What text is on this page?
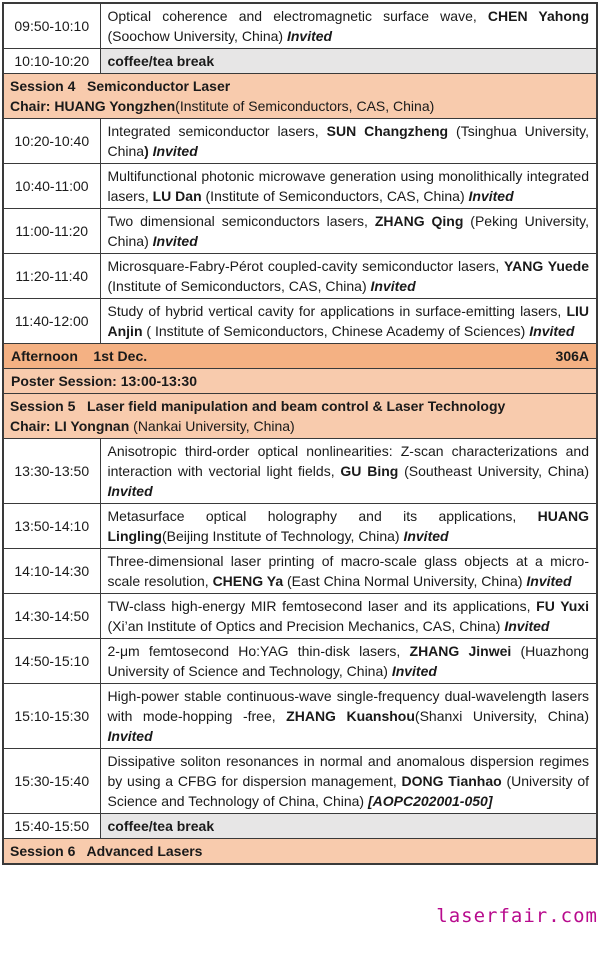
09:50-10:10	Optical coherence and electromagnetic surface wave, CHEN Yahong (Soochow University, China) Invited
10:10-10:20	coffee/tea break

Session 4   Semiconductor Laser
Chair: HUANG Yongzhen(Institute of Semiconductors, CAS, China)	

10:20-10:40	Integrated semiconductor lasers, SUN Changzheng (Tsinghua University, China) Invited
10:40-11:00	Multifunctional photonic microwave generation using monolithically integrated lasers, LU Dan (Institute of Semiconductors, CAS, China) Invited
11:00-11:20	Two dimensional semiconductors lasers, ZHANG Qing (Peking University, China) Invited
11:20-11:40	Microsquare-Fabry-Pérot coupled-cavity semiconductor lasers, YANG Yuede (Institute of Semiconductors, CAS, China) Invited
11:40-12:00	Study of hybrid vertical cavity for applications in surface-emitting lasers, LIU Anjin ( Institute of Semiconductors, Chinese Academy of Sciences) Invited

Afternoon    1st Dec. 306A	

Poster Session: 13:00-13:30	

Session 5   Laser field manipulation and beam control & Laser Technology
Chair: LI Yongnan (Nankai University, China)	

13:30-13:50	Anisotropic third-order optical nonlinearities: Z-scan characterizations and interaction with vectorial light fields, GU Bing (Southeast University, China) Invited
13:50-14:10	Metasurface optical holography and its applications, HUANG Lingling(Beijing Institute of Technology, China) Invited
14:10-14:30	Three-dimensional laser printing of macro-scale glass objects at a micro-scale resolution, CHENG Ya (East China Normal University, China) Invited
14:30-14:50	TW-class high-energy MIR femtosecond laser and its applications, FU Yuxi (Xi’an Institute of Optics and Precision Mechanics, CAS, China) Invited
14:50-15:10	2-μm femtosecond Ho:YAG thin-disk lasers, ZHANG Jinwei (Huazhong University of Science and Technology, China) Invited
15:10-15:30	High-power stable continuous-wave single-frequency dual-wavelength lasers with mode-hopping -free, ZHANG Kuanshou(Shanxi University, China) Invited
15:30-15:40	Dissipative soliton resonances in normal and anomalous dispersion regimes by using a CFBG for dispersion management, DONG Tianhao (University of Science and Technology of China, China) [AOPC202001-050]
15:40-15:50	coffee/tea break

Session 6   Advanced Lasers	
laserfair.com
